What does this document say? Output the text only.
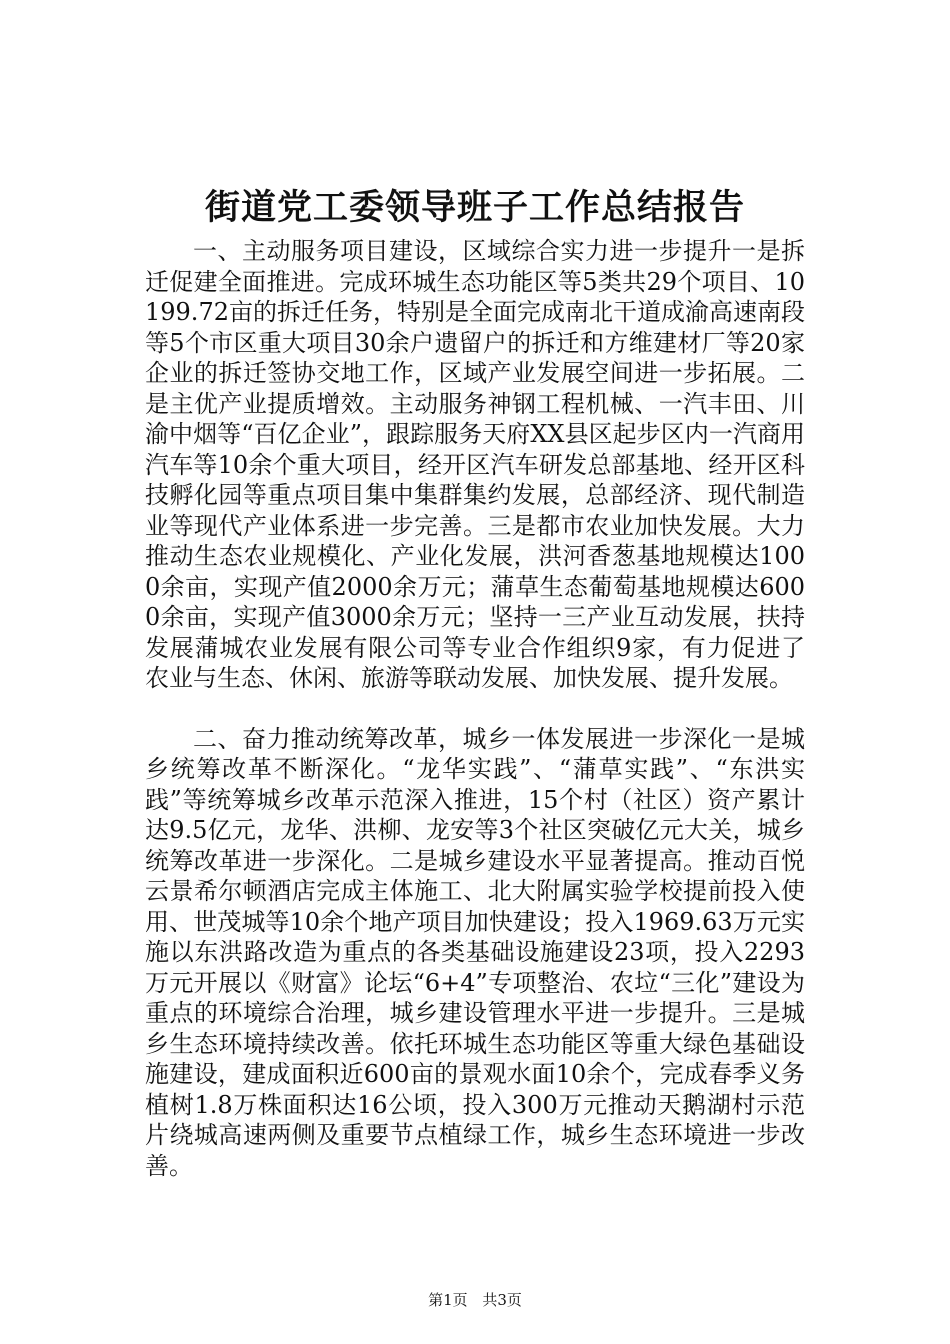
街道党工委领导班子工作总结报告

一、主动服务项目建设，区域综合实力进一步提升一是拆迁促建全面推进。完成环城生态功能区等5类共29个项目、10199.72亩的拆迁任务，特别是全面完成南北干道成渝高速南段等5个市区重大项目30余户遗留户的拆迁和方维建材厂等20家企业的拆迁签协交地工作，区域产业发展空间进一步拓展。二是主优产业提质增效。主动服务神钢工程机械、一汽丰田、川渝中烟等“百亿企业”，跟踪服务天府XX县区起步区内一汽商用汽车等10余个重大项目，经开区汽车研发总部基地、经开区科技孵化园等重点项目集中集群集约发展，总部经济、现代制造业等现代产业体系进一步完善。三是都市农业加快发展。大力推动生态农业规模化、产业化发展，洪河香葱基地规模达1000余亩，实现产值2000余万元；蒲草生态葡萄基地规模达6000余亩，实现产值3000余万元；坚持一三产业互动发展，扶持发展蒲城农业发展有限公司等专业合作组织9家，有力促进了农业与生态、休闲、旅游等联动发展、加快发展、提升发展。

二、奋力推动统筹改革，城乡一体发展进一步深化一是城乡统筹改革不断深化。“龙华实践”、“蒲草实践”、“东洪实践”等统筹城乡改革示范深入推进，15个村（社区）资产累计达9.5亿元，龙华、洪柳、龙安等3个社区突破亿元大关，城乡统筹改革进一步深化。二是城乡建设水平显著提高。推动百悦云景希尔顿酒店完成主体施工、北大附属实验学校提前投入使用、世茂城等10余个地产项目加快建设；投入1969.63万元实施以东洪路改造为重点的各类基础设施建设23项，投入2293万元开展以《财富》论坛“6+4”专项整治、农垃“三化”建设为重点的环境综合治理，城乡建设管理水平进一步提升。三是城乡生态环境持续改善。依托环城生态功能区等重大绿色基础设施建设，建成面积近600亩的景观水面10余个，完成春季义务植树1.8万株面积达16公顷，投入300万元推动天鹅湖村示范片绕城高速两侧及重要节点植绿工作，城乡生态环境进一步改善。

第1页 共3页
